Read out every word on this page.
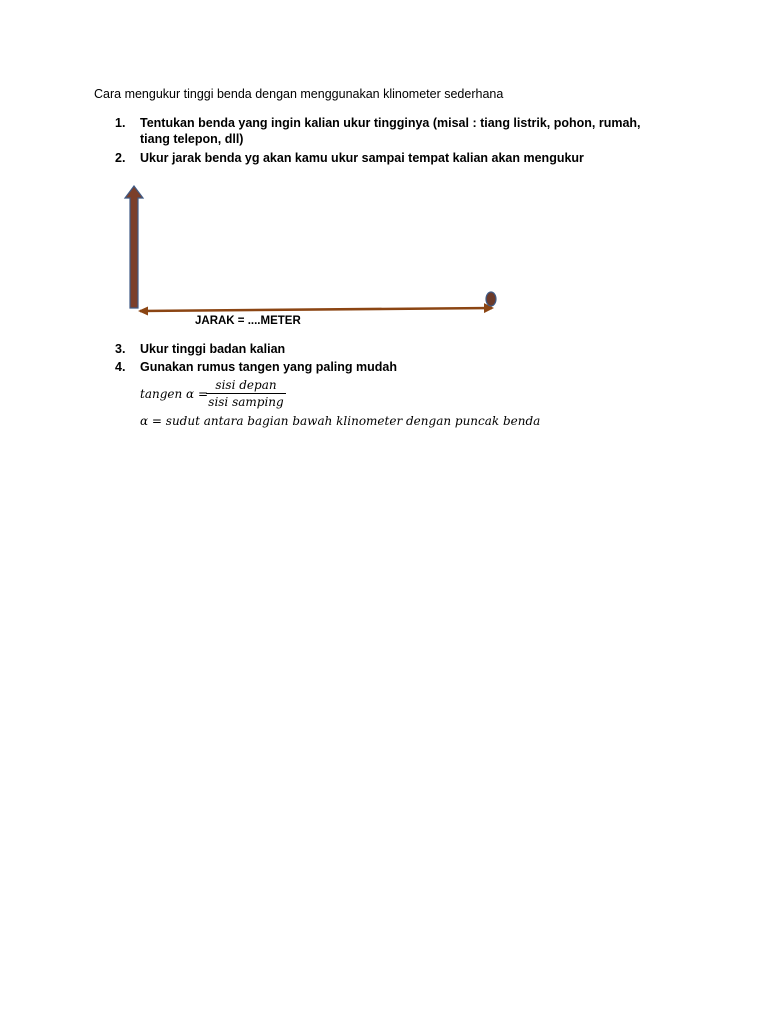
Cara mengukur tinggi benda dengan menggunakan klinometer sederhana
1.	Tentukan benda yang ingin kalian ukur tingginya (misal : tiang listrik, pohon, rumah, tiang telepon, dll)
2.	Ukur jarak benda yg akan kamu ukur sampai tempat kalian akan mengukur
JARAK = ....METER
3.	Ukur tinggi badan kalian
4.	Gunakan rumus tangen yang paling mudah
tangen α =
sisi depan
sisi samping
α = sudut antara bagian bawah klinometer dengan puncak benda
